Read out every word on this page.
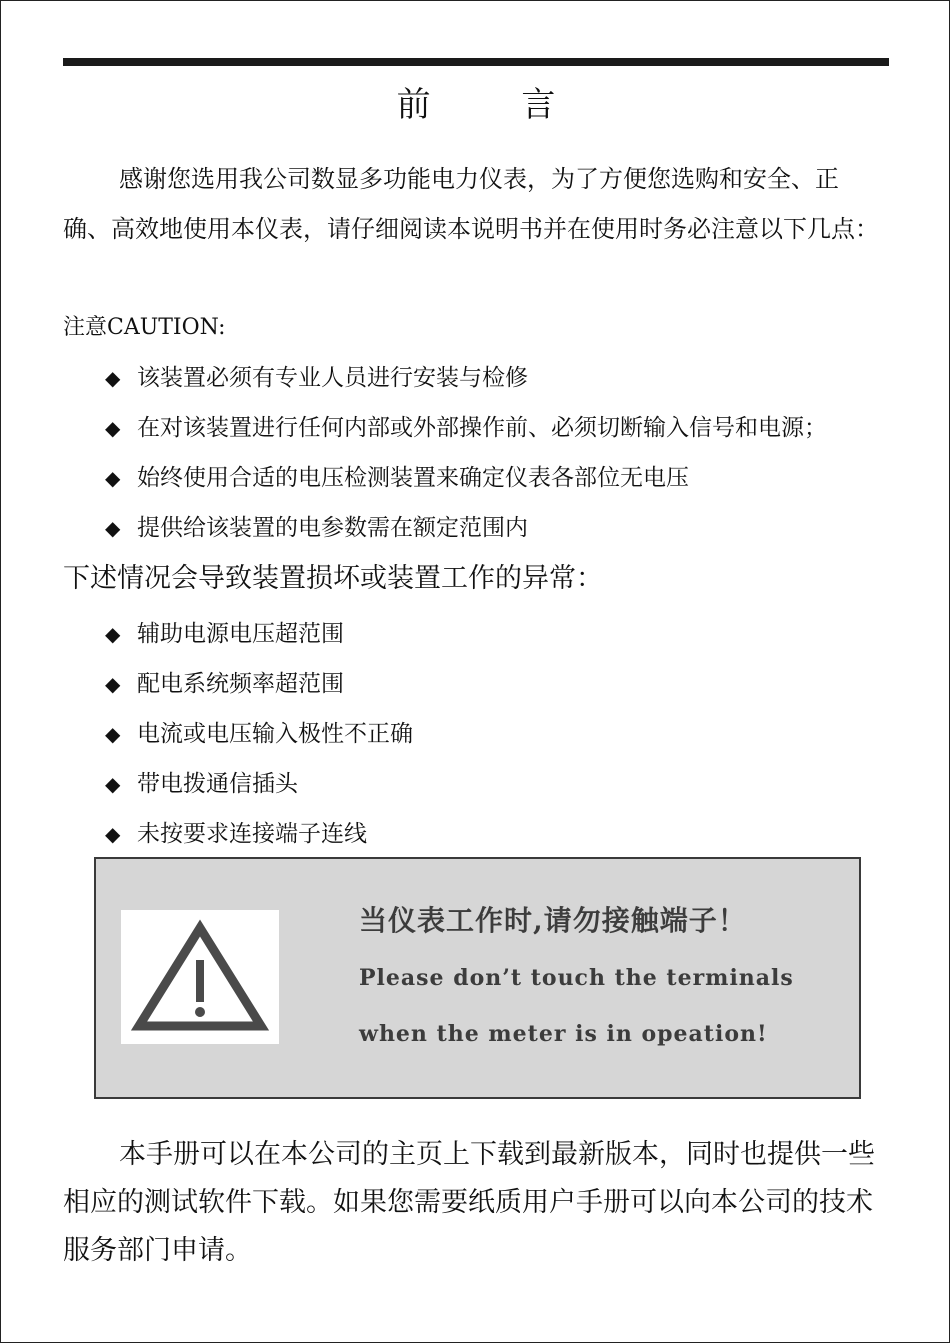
前 言

感谢您选用我公司数显多功能电力仪表，为了方便您选购和安全、正确、高效地使用本仪表，请仔细阅读本说明书并在使用时务必注意以下几点：

注意CAUTION:
◆ 该装置必须有专业人员进行安装与检修
◆ 在对该装置进行任何内部或外部操作前、必须切断输入信号和电源；
◆ 始终使用合适的电压检测装置来确定仪表各部位无电压
◆ 提供给该装置的电参数需在额定范围内
下述情况会导致装置损坏或装置工作的异常：
◆ 辅助电源电压超范围
◆ 配电系统频率超范围
◆ 电流或电压输入极性不正确
◆ 带电拨通信插头
◆ 未按要求连接端子连线
当仪表工作时,请勿接触端子！
Please don’t touch the terminals
when the meter is in opeation!

本手册可以在本公司的主页上下载到最新版本，同时也提供一些相应的测试软件下载。如果您需要纸质用户手册可以向本公司的技术服务部门申请。
